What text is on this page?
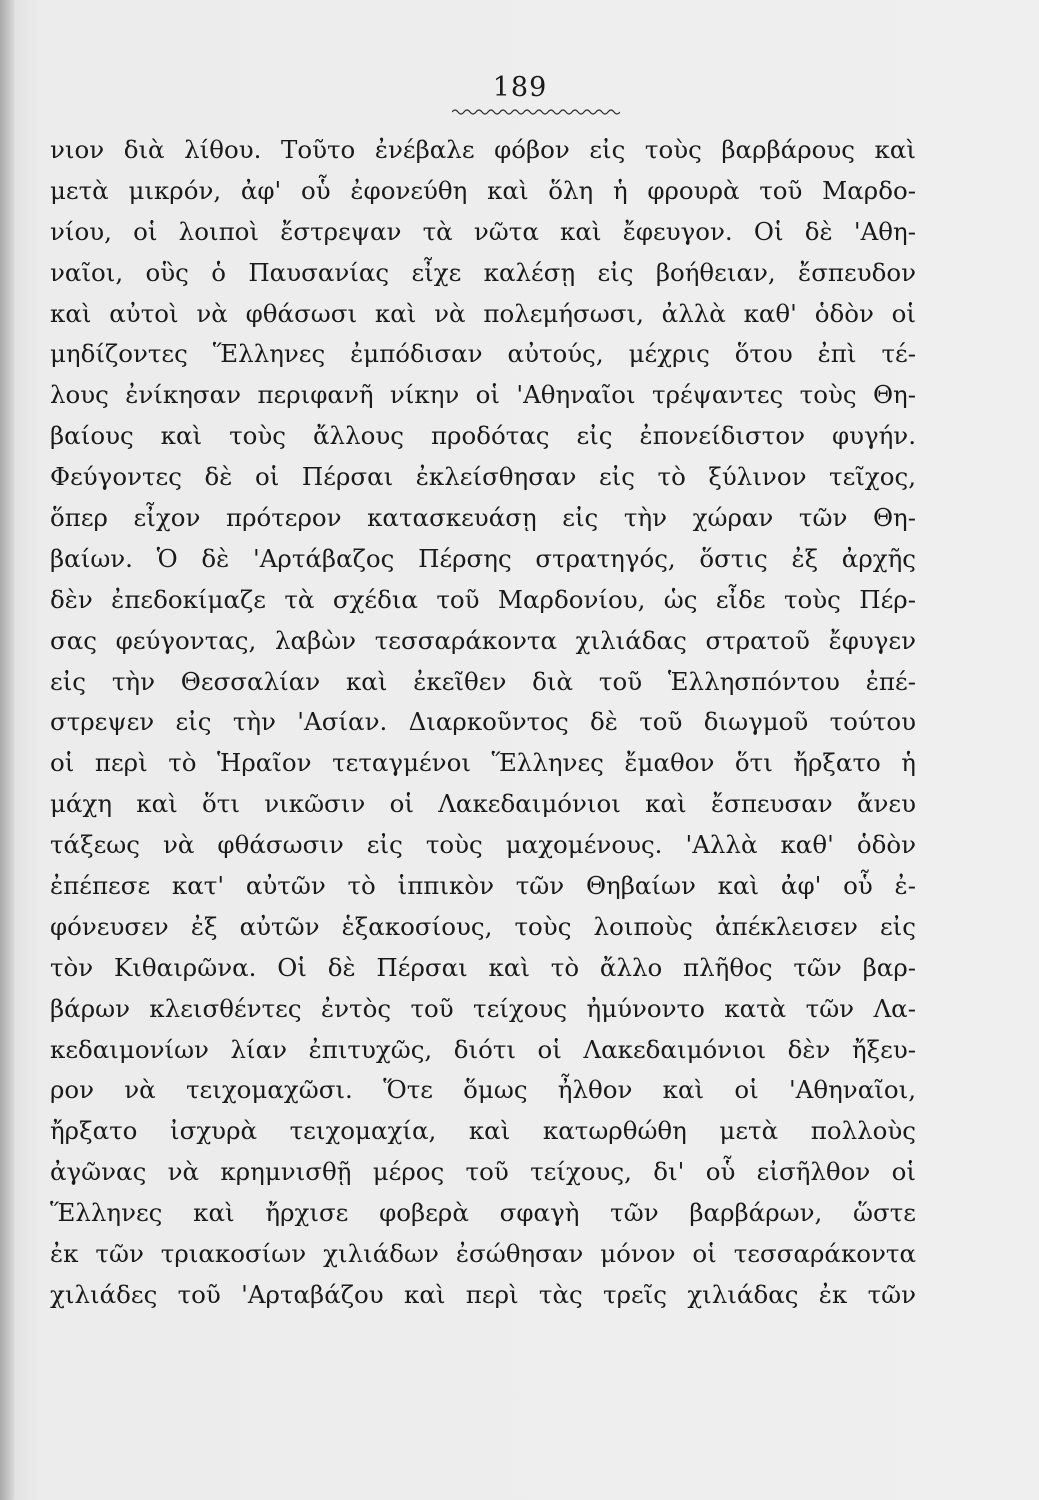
189
νιον διὰ λίθου. Τοῦτο ἐνέβαλε φόβον εἰς τοὺς βαρβάρους καὶ
μετὰ μικρόν, ἀφ' οὗ ἐφονεύθη καὶ ὅλη ἡ φρουρὰ τοῦ Μαρδο-
νίου, οἱ λοιποὶ ἔστρεψαν τὰ νῶτα καὶ ἔφευγον. Οἱ δὲ 'Αθη-
ναῖοι, οὓς ὁ Παυσανίας εἶχε καλέσῃ εἰς βοήθειαν, ἔσπευδον
καὶ αὐτοὶ νὰ φθάσωσι καὶ νὰ πολεμήσωσι, ἀλλὰ καθ' ὁδὸν οἱ
μηδίζοντες Ἕλληνες ἐμπόδισαν αὐτούς, μέχρις ὅτου ἐπὶ τέ-
λους ἐνίκησαν περιφανῆ νίκην οἱ 'Αθηναῖοι τρέψαντες τοὺς Θη-
βαίους καὶ τοὺς ἄλλους προδότας εἰς ἐπονείδιστον φυγήν.
Φεύγοντες δὲ οἱ Πέρσαι ἐκλείσθησαν εἰς τὸ ξύλινον τεῖχος,
ὅπερ εἶχον πρότερον κατασκευάσῃ εἰς τὴν χώραν τῶν Θη-
βαίων. Ὁ δὲ 'Αρτάβαζος Πέρσης στρατηγός, ὅστις ἐξ ἀρχῆς
δὲν ἐπεδοκίμαζε τὰ σχέδια τοῦ Μαρδονίου, ὡς εἶδε τοὺς Πέρ-
σας φεύγοντας, λαβὼν τεσσαράκοντα χιλιάδας στρατοῦ ἔφυγεν
εἰς τὴν Θεσσαλίαν καὶ ἐκεῖθεν διὰ τοῦ Ἑλλησπόντου ἐπέ-
στρεψεν εἰς τὴν 'Ασίαν. Διαρκοῦντος δὲ τοῦ διωγμοῦ τούτου
οἱ περὶ τὸ Ἡραῖον τεταγμένοι Ἕλληνες ἔμαθον ὅτι ἤρξατο ἡ
μάχη καὶ ὅτι νικῶσιν οἱ Λακεδαιμόνιοι καὶ ἔσπευσαν ἄνευ
τάξεως νὰ φθάσωσιν εἰς τοὺς μαχομένους. 'Αλλὰ καθ' ὁδὸν
ἐπέπεσε κατ' αὐτῶν τὸ ἱππικὸν τῶν Θηβαίων καὶ ἀφ' οὗ ἐ-
φόνευσεν ἐξ αὐτῶν ἑξακοσίους, τοὺς λοιποὺς ἀπέκλεισεν εἰς
τὸν Κιθαιρῶνα. Οἱ δὲ Πέρσαι καὶ τὸ ἄλλο πλῆθος τῶν βαρ-
βάρων κλεισθέντες ἐντὸς τοῦ τείχους ἠμύνοντο κατὰ τῶν Λα-
κεδαιμονίων λίαν ἐπιτυχῶς, διότι οἱ Λακεδαιμόνιοι δὲν ἤξευ-
ρον νὰ τειχομαχῶσι. Ὅτε ὅμως ἦλθον καὶ οἱ 'Αθηναῖοι,
ἤρξατο ἰσχυρὰ τειχομαχία, καὶ κατωρθώθη μετὰ πολλοὺς
ἀγῶνας νὰ κρημνισθῇ μέρος τοῦ τείχους, δι' οὗ εἰσῆλθον οἱ
Ἕλληνες καὶ ἤρχισε φοβερὰ σφαγὴ τῶν βαρβάρων, ὥστε
ἐκ τῶν τριακοσίων χιλιάδων ἐσώθησαν μόνον οἱ τεσσαράκοντα
χιλιάδες τοῦ 'Αρταβάζου καὶ περὶ τὰς τρεῖς χιλιάδας ἐκ τῶν
